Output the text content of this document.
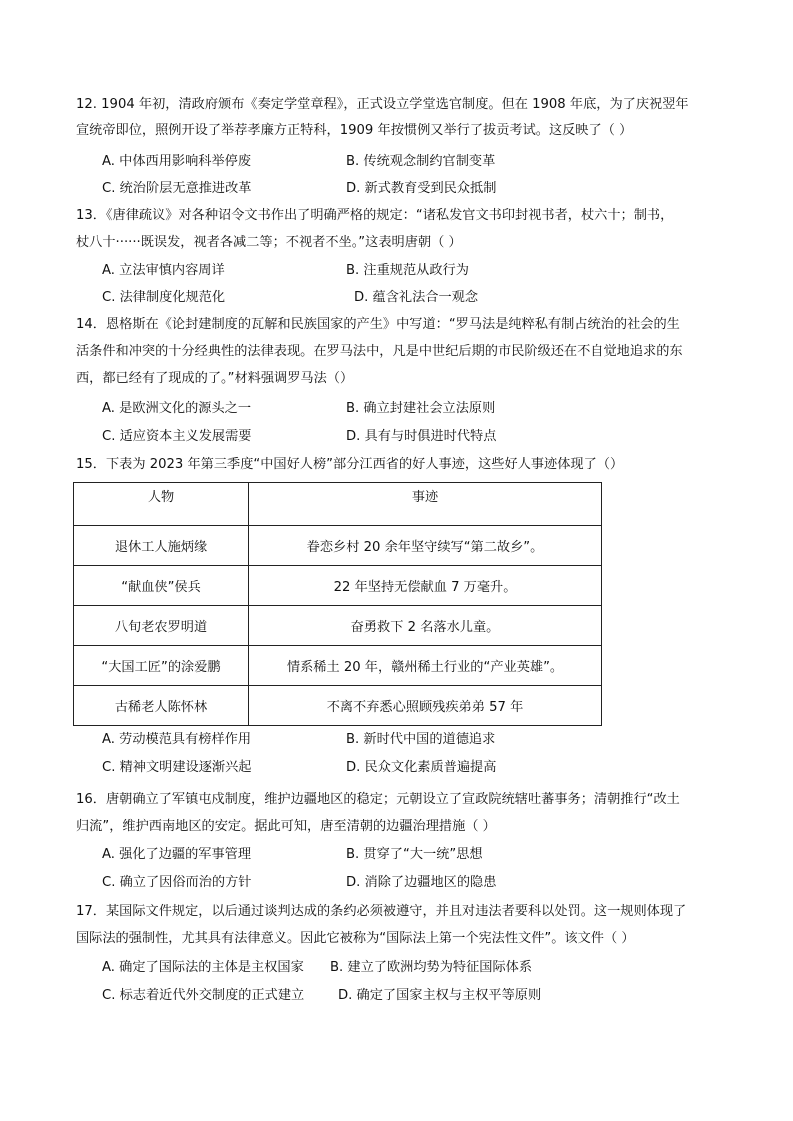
12. 1904 年初，清政府颁布《奏定学堂章程》，正式设立学堂选官制度。但在 1908 年底，为了庆祝翌年
宣统帝即位，照例开设了举荐孝廉方正特科，1909 年按惯例又举行了拔贡考试。这反映了（ ）
A. 中体西用影响科举停废	B. 传统观念制约官制变革
C. 统治阶层无意推进改革	D. 新式教育受到民众抵制
13．《唐律疏议》对各种诏令文书作出了明确严格的规定：“诸私发官文书印封视书者，杖六十；制书，
杖八十······既误发，视者各减二等；不视者不坐。”这表明唐朝（ ）
A. 立法审慎内容周详	B. 注重规范从政行为
C. 法律制度化规范化	D. 蕴含礼法合一观念
14．恩格斯在《论封建制度的瓦解和民族国家的产生》中写道：“罗马法是纯粹私有制占统治的社会的生
活条件和冲突的十分经典性的法律表现。在罗马法中，凡是中世纪后期的市民阶级还在不自觉地追求的东
西，都已经有了现成的了。”材料强调罗马法（）
A. 是欧洲文化的源头之一	B. 确立封建社会立法原则
C. 适应资本主义发展需要	D. 具有与时俱进时代特点
15．下表为 2023 年第三季度“中国好人榜”部分江西省的好人事迹，这些好人事迹体现了（）
人物	事迹
退休工人施炳缘	眷恋乡村 20 余年坚守续写“第二故乡”。
“献血侠”侯兵	22 年坚持无偿献血 7 万毫升。
八旬老农罗明道	奋勇救下 2 名落水儿童。
“大国工匠”的涂爱鹏	情系稀土 20 年，赣州稀土行业的“产业英雄”。
古稀老人陈怀林	不离不弃悉心照顾残疾弟弟 57 年
A. 劳动模范具有榜样作用	B. 新时代中国的道德追求
C. 精神文明建设逐渐兴起	D. 民众文化素质普遍提高
16．唐朝确立了军镇屯戍制度，维护边疆地区的稳定；元朝设立了宣政院统辖吐蕃事务；清朝推行“改土
归流”，维护西南地区的安定。据此可知，唐至清朝的边疆治理措施（ ）
A. 强化了边疆的军事管理	B. 贯穿了“大一统”思想
C. 确立了因俗而治的方针	D. 消除了边疆地区的隐患
17．某国际文件规定，以后通过谈判达成的条约必须被遵守，并且对违法者要科以处罚。这一规则体现了
国际法的强制性，尤其具有法律意义。因此它被称为“国际法上第一个宪法性文件”。该文件（ ）
A. 确定了国际法的主体是主权国家 B. 建立了欧洲均势为特征国际体系
C. 标志着近代外交制度的正式建立	D. 确定了国家主权与主权平等原则
